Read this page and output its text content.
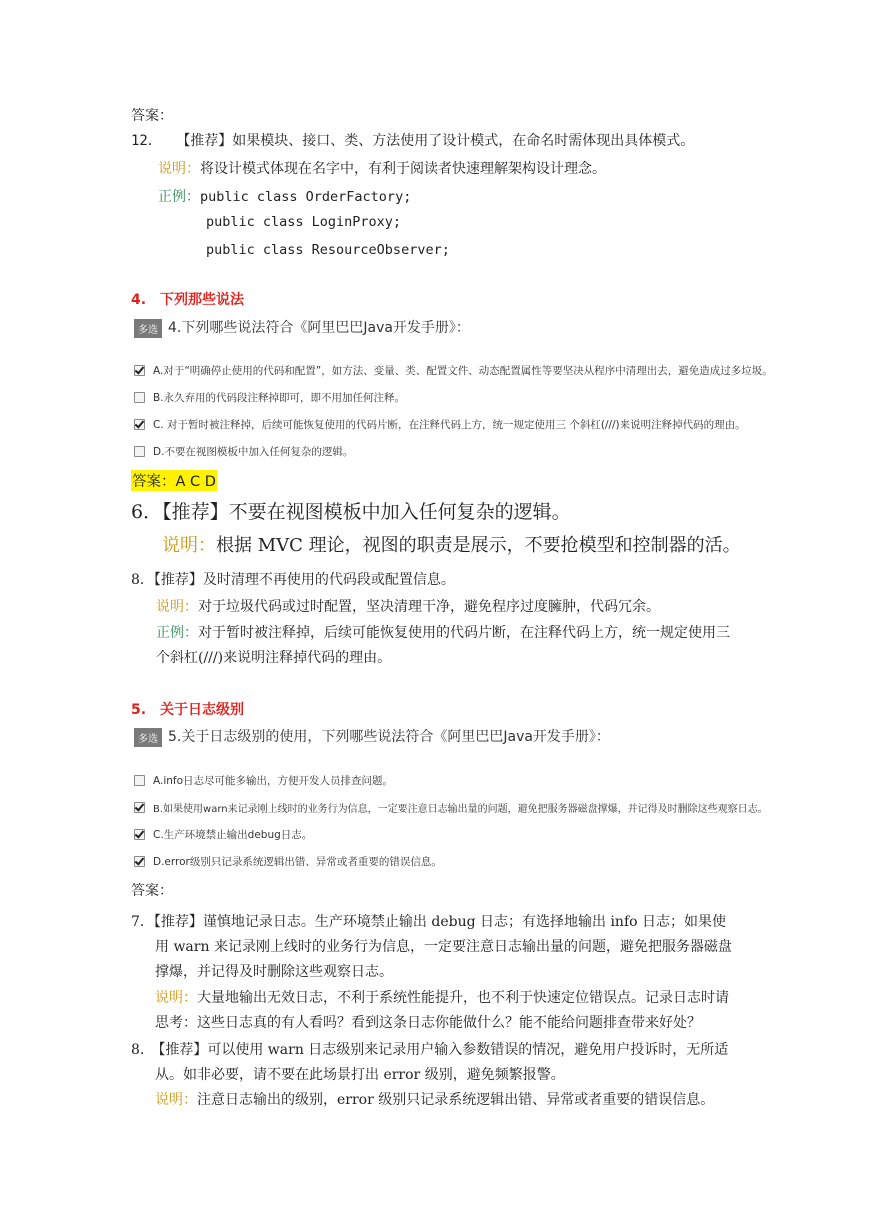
答案：
12． 【推荐】如果模块、接口、类、方法使用了设计模式，在命名时需体现出具体模式。
说明：将设计模式体现在名字中，有利于阅读者快速理解架构设计理念。
正例：public class OrderFactory;
public class LoginProxy;
public class ResourceObserver;
4.　下列那些说法
多选 4.下列哪些说法符合《阿里巴巴Java开发手册》：
A.对于“明确停止使用的代码和配置”，如方法、变量、类、配置文件、动态配置属性等要坚决从程序中清理出去，避免造成过多垃圾。
B.永久弃用的代码段注释掉即可，即不用加任何注释。
C. 对于暂时被注释掉，后续可能恢复使用的代码片断，在注释代码上方，统一规定使用三 个斜杠(///)来说明注释掉代码的理由。
D.不要在视图模板中加入任何复杂的逻辑。
答案：A C D
6．【推荐】不要在视图模板中加入任何复杂的逻辑。
说明：根据 MVC 理论，视图的职责是展示，不要抢模型和控制器的活。
8．【推荐】及时清理不再使用的代码段或配置信息。
说明：对于垃圾代码或过时配置，坚决清理干净，避免程序过度臃肿，代码冗余。
正例：对于暂时被注释掉，后续可能恢复使用的代码片断，在注释代码上方，统一规定使用三
个斜杠(///)来说明注释掉代码的理由。
5.　关于日志级别
多选 5.关于日志级别的使用，下列哪些说法符合《阿里巴巴Java开发手册》：
A.info日志尽可能多输出，方便开发人员排查问题。
B.如果使用warn来记录刚上线时的业务行为信息，一定要注意日志输出量的问题，避免把服务器磁盘撑爆，并记得及时删除这些观察日志。
C.生产环境禁止输出debug日志。
D.error级别只记录系统逻辑出错、异常或者重要的错误信息。
答案：
7．【推荐】谨慎地记录日志。生产环境禁止输出 debug 日志；有选择地输出 info 日志；如果使
用 warn 来记录刚上线时的业务行为信息，一定要注意日志输出量的问题，避免把服务器磁盘
撑爆，并记得及时删除这些观察日志。
说明：大量地输出无效日志，不利于系统性能提升，也不利于快速定位错误点。记录日志时请
思考：这些日志真的有人看吗？看到这条日志你能做什么？能不能给问题排查带来好处？
8.　【推荐】可以使用 warn 日志级别来记录用户输入参数错误的情况，避免用户投诉时，无所适
从。如非必要，请不要在此场景打出 error 级别，避免频繁报警。
说明：注意日志输出的级别，error 级别只记录系统逻辑出错、异常或者重要的错误信息。
